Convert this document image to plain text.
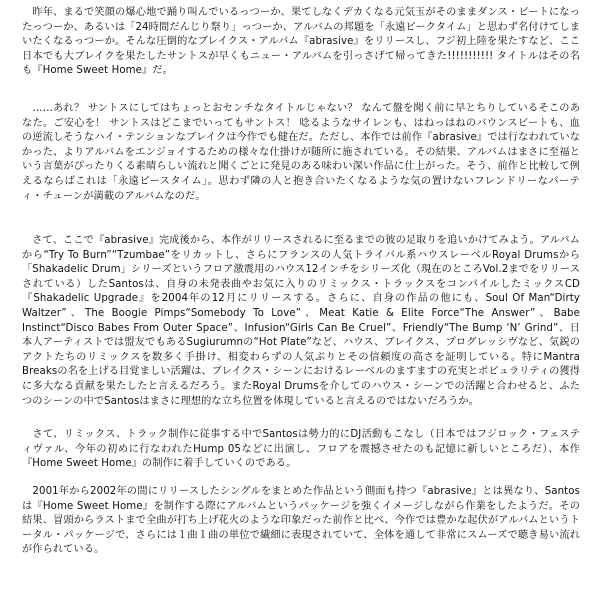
　昨年、まるで笑顔の爆心地で踊り叫んでいるっつーか、果てしなくデカくなる元気玉がそのままダンス・ビートになったっつーか、あるいは「24時間だんじり祭り」っつーか、アルバムの邦題を「永遠ピークタイム」と思わず名付けてしまいたくなるっつーか。そんな圧倒的なブレイクス・アルバム『abrasive』をリリースし、フジ初上陸を果たすなど、ここ日本でも大ブレイクを果たしたサントスが早くもニュー・アルバムを引っさげて帰ってきた!!!!!!!!!!! タイトルはその名も『Home Sweet Home』だ。

　……あれ？ サントスにしてはちょっとおセンチなタイトルじゃない？ なんて盤を聞く前に早とちりしているそこのあなた。ご安心を！ サントスはどこまでいってもサントス！ 唸るようなサイレンも、はねっはねのバウンスビートも、血の逆流しそうなハイ・テンションなブレイクは今作でも健在だ。ただし、本作では前作『abrasive』では行なわれていなかった、よりアルバムをエンジョイするための様々な仕掛けが随所に施されている。その結果、アルバムはまさに至福という言葉がぴったりくる素晴らしい流れと聞くごとに発見のある味わい深い作品に仕上がった。そう、前作と比較して例えるならばこれは「永遠ピースタイム」。思わず隣の人と抱き合いたくなるような気の置けないフレンドリーなパーティ・チューンが満載のアルバムなのだ。

　さて、ここで『abrasive』完成後から、本作がリリースされるに至るまでの彼の足取りを追いかけてみよう。アルバムから“Try To Burn”“Tzumbae”をリカットし、さらにフランスの人気トライバル系ハウスレーベルRoyal Drumsから「Shakadelic Drum」シリーズというフロア激震用のハウス12インチをシリーズ化（現在のところVol.2までをリリースされている）したSantosは、自身の未発表曲やお気に入りのリミックス・トラックスをコンパイルしたミックスCD『Shakadelic Upgrade』を2004年の12月にリリースする。さらに、自身の作品の他にも、Soul Of Man“Dirty Waltzer”、The Boogie Pimps“Somebody To Love”、Meat Katie & Elite Force“The Answer”、Babe Instinct“Disco Babes From Outer Space”、Infusion“Girls Can Be Cruel”、Friendly“The Bump ‘N’ Grind”、日本人アーティストでは盟友でもあるSugiurumnの“Hot Plate”など、ハウス、ブレイクス、プログレッシヴなど、気鋭のアクトたちのリミックスを数多く手掛け、相変わらずの人気ぶりとその信頼度の高さを証明している。特にMantra Breaksの名を上げる目覚ましい活躍は、ブレイクス・シーンにおけるレーベルのますますの充実とポピュラリティの獲得に多大なる貢献を果たしたと言えるだろう。またRoyal Drumsを介してのハウス・シーンでの活躍と合わせると、ふたつのシーンの中でSantosはまさに理想的な立ち位置を体現していると言えるのではないだろうか。

　さて、リミックス、トラック制作に従事する中でSantosは勢力的にDJ活動もこなし（日本ではフジロック・フェスティヴァル、今年の初めに行なわれたHump 05などに出演し、フロアを震撼させたのも記憶に新しいところだ）、本作『Home Sweet Home』の制作に着手していくのである。

　2001年から2002年の間にリリースしたシングルをまとめた作品という側面も持つ『abrasive』とは異なり、Santosは『Home Sweet Home』を制作する際にアルバムというパッケージを強くイメージしながら作業をしたようだ。その結果、冒頭からラストまで全曲が打ち上げ花火のような印象だった前作と比べ、今作では豊かな起伏がアルバムというトータル・パッケージで、さらには１曲１曲の単位で繊細に表現されていて、全体を通して非常にスムーズで聴き易い流れが作られている。
